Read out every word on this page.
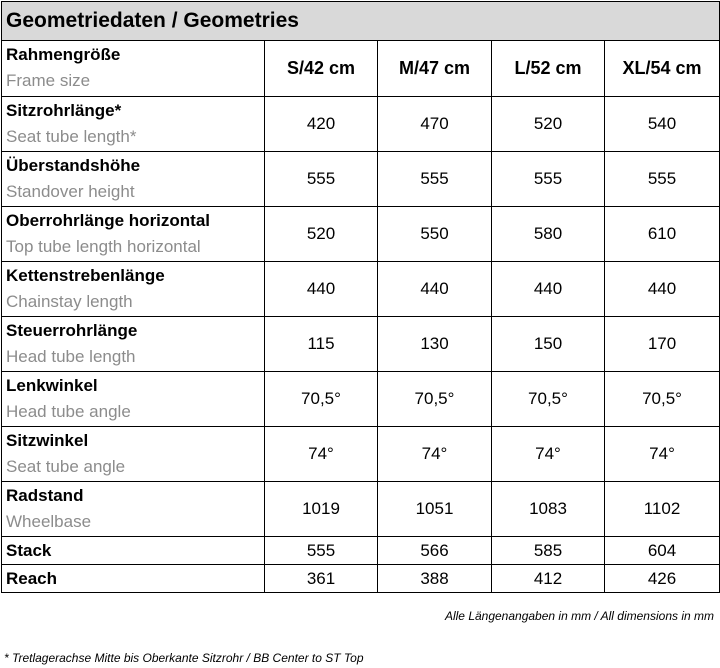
Geometriedaten / Geometries				

Rahmengröße
Frame size	S/42 cm	M/47 cm	L/52 cm	XL/54 cm

Sitzrohrlänge*
Seat tube length*	420	470	520	540

Überstandshöhe
Standover height	555	555	555	555

Oberrohrlänge horizontal
Top tube length horizontal	520	550	580	610

Kettenstrebenlänge
Chainstay length	440	440	440	440

Steuerrohrlänge
Head tube length	115	130	150	170

Lenkwinkel
Head tube angle	70,5°	70,5°	70,5°	70,5°

Sitzwinkel
Seat tube angle	74°	74°	74°	74°

Radstand
Wheelbase	1019	1051	1083	1102

Stack	555	566	585	604

Reach	361	388	412	426
Alle Längenangaben in mm / All dimensions in mm
* Tretlagerachse Mitte bis Oberkante Sitzrohr / BB Center to ST Top
